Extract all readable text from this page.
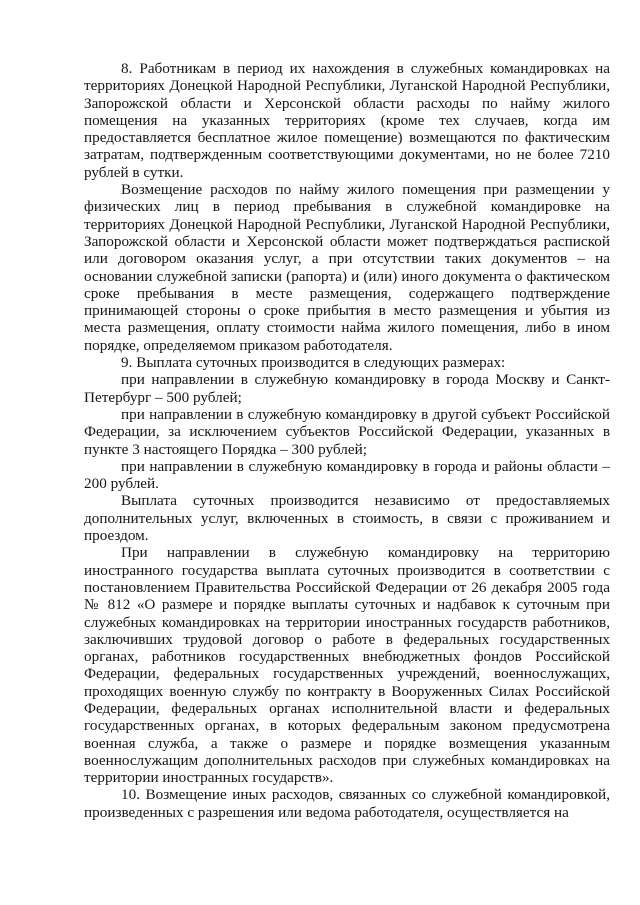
8. Работникам в период их нахождения в служебных командировках на территориях Донецкой Народной Республики, Луганской Народной Республики, Запорожской области и Херсонской области расходы по найму жилого помещения на указанных территориях (кроме тех случаев, когда им предоставляется бесплатное жилое помещение) возмещаются по фактическим затратам, подтвержденным соответствующими документами, но не более 7210 рублей в сутки.

Возмещение расходов по найму жилого помещения при размещении у физических лиц в период пребывания в служебной командировке на территориях Донецкой Народной Республики, Луганской Народной Республики, Запорожской области и Херсонской области может подтверждаться распиской или договором оказания услуг, а при отсутствии таких документов – на основании служебной записки (рапорта) и (или) иного документа о фактическом сроке пребывания в месте размещения, содержащего подтверждение принимающей стороны о сроке прибытия в место размещения и убытия из места размещения, оплату стоимости найма жилого помещения, либо в ином порядке, определяемом приказом работодателя.

9. Выплата суточных производится в следующих размерах:

при направлении в служебную командировку в города Москву и Санкт-Петербург – 500 рублей;

при направлении в служебную командировку в другой субъект Российской Федерации, за исключением субъектов Российской Федерации, указанных в пункте 3 настоящего Порядка – 300 рублей;

при направлении в служебную командировку в города и районы области – 200 рублей.

Выплата суточных производится независимо от предоставляемых дополнительных услуг, включенных в стоимость, в связи с проживанием и проездом.

При направлении в служебную командировку на территорию иностранного государства выплата суточных производится в соответствии с постановлением Правительства Российской Федерации от 26 декабря 2005 года № 812 «О размере и порядке выплаты суточных и надбавок к суточным при служебных командировках на территории иностранных государств работников, заключивших трудовой договор о работе в федеральных государственных органах, работников государственных внебюджетных фондов Российской Федерации, федеральных государственных учреждений, военнослужащих, проходящих военную службу по контракту в Вооруженных Силах Российской Федерации, федеральных органах исполнительной власти и федеральных государственных органах, в которых федеральным законом предусмотрена военная служба, а также о размере и порядке возмещения указанным военнослужащим дополнительных расходов при служебных командировках на территории иностранных государств».

10. Возмещение иных расходов, связанных со служебной командировкой, произведенных с разрешения или ведома работодателя, осуществляется на
